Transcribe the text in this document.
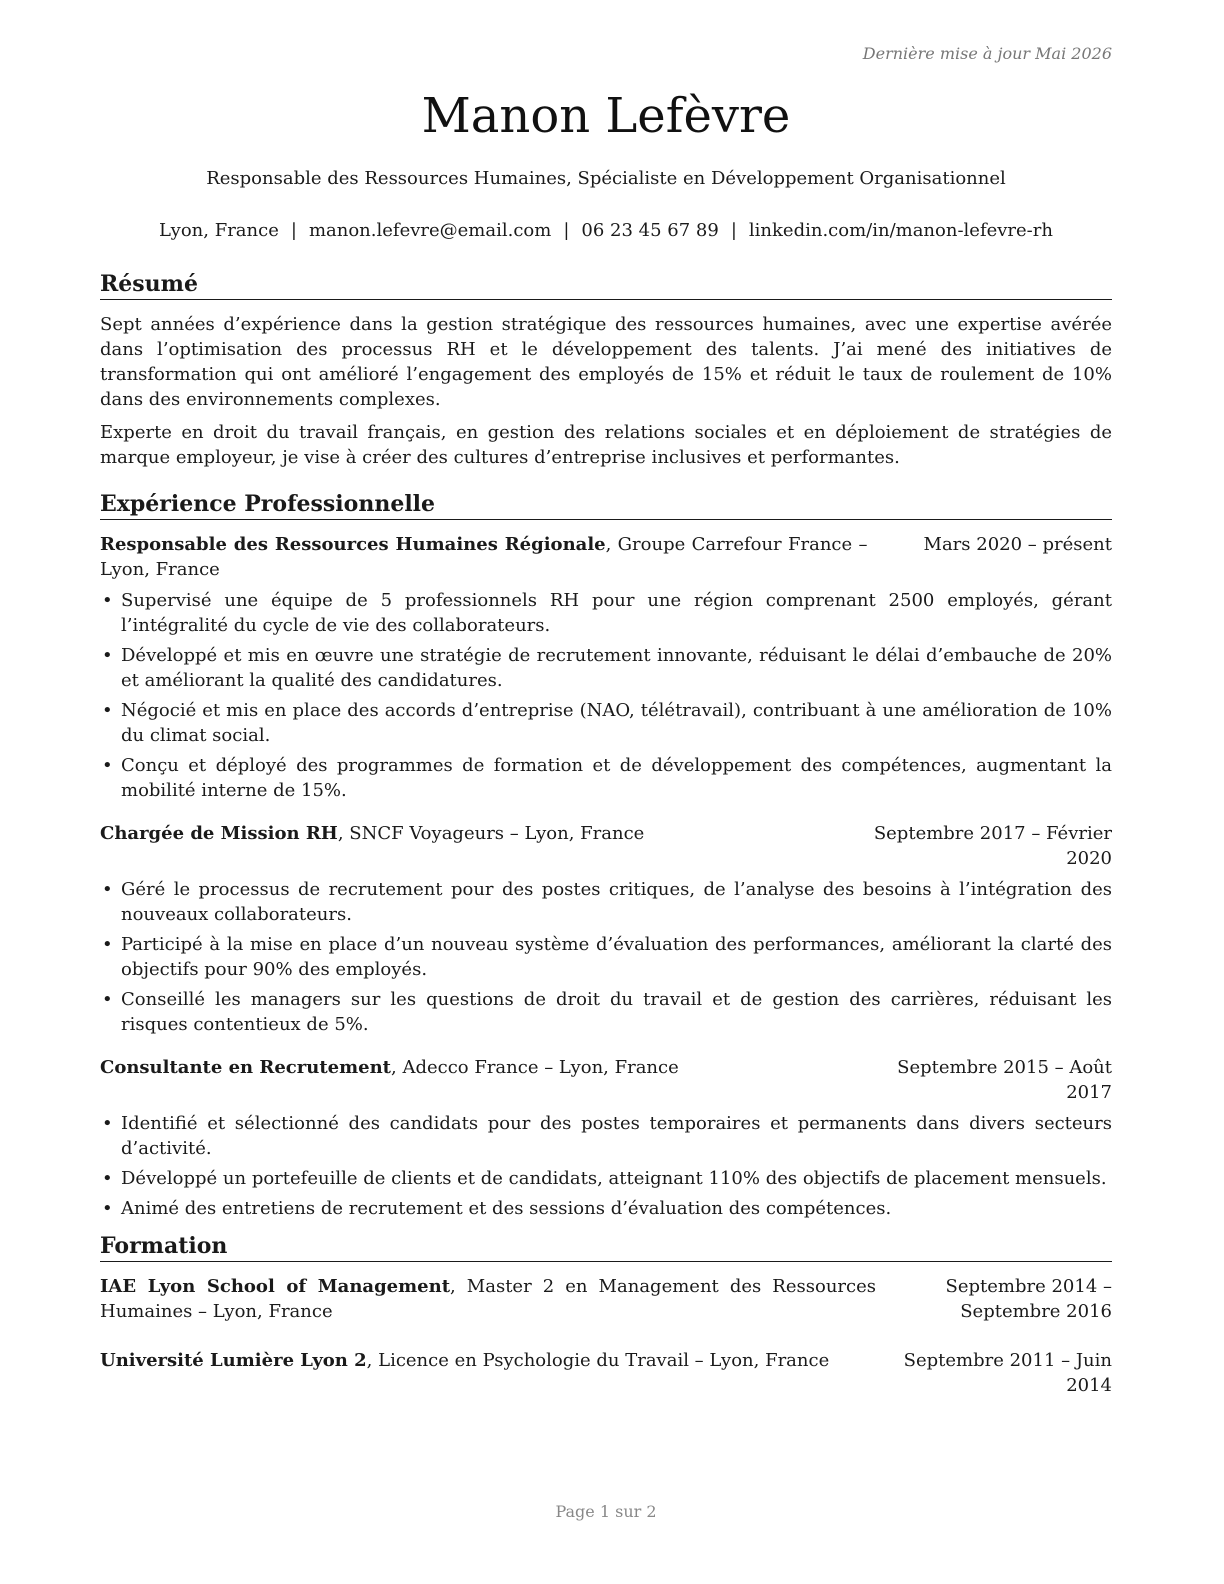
Dernière mise à jour Mai 2026
Manon Lefèvre
Responsable des Ressources Humaines, Spécialiste en Développement Organisationnel
Lyon, France | manon.lefevre@email.com | 06 23 45 67 89 | linkedin.com/in/manon-lefevre-rh
Résumé

Sept années d’expérience dans la gestion stratégique des ressources humaines, avec une expertise avérée dans l’optimisation des processus RH et le développement des talents. J’ai mené des initiatives de transformation qui ont amélioré l’engagement des employés de 15% et réduit le taux de roulement de 10% dans des environnements complexes.

Experte en droit du travail français, en gestion des relations sociales et en déploiement de stratégies de marque employeur, je vise à créer des cultures d’entreprise inclusives et performantes.

Expérience Professionnelle
Responsable des Ressources Humaines Régionale, Groupe Carrefour France – Lyon, France
Mars 2020 – présent
• Supervisé une équipe de 5 professionnels RH pour une région comprenant 2500 employés, gérant l’intégralité du cycle de vie des collaborateurs.
• Développé et mis en œuvre une stratégie de recrutement innovante, réduisant le délai d’embauche de 20% et améliorant la qualité des candidatures.
• Négocié et mis en place des accords d’entreprise (NAO, télétravail), contribuant à une amélioration de 10% du climat social.
• Conçu et déployé des programmes de formation et de développement des compétences, augmentant la mobilité interne de 15%.
Chargée de Mission RH, SNCF Voyageurs – Lyon, France	Septembre 2017 – Février 2020
• Géré le processus de recrutement pour des postes critiques, de l’analyse des besoins à l’intégration des nouveaux collaborateurs.
• Participé à la mise en place d’un nouveau système d’évaluation des performances, améliorant la clarté des objectifs pour 90% des employés.
• Conseillé les managers sur les questions de droit du travail et de gestion des carrières, réduisant les risques contentieux de 5%.
Consultante en Recrutement, Adecco France – Lyon, France	Septembre 2015 – Août 2017
• Identifié et sélectionné des candidats pour des postes temporaires et permanents dans divers secteurs d’activité.
• Développé un portefeuille de clients et de candidats, atteignant 110% des objectifs de placement mensuels.
• Animé des entretiens de recrutement et des sessions d’évaluation des compétences.
Formation
IAE Lyon School of Management, Master 2 en Management des Ressources Humaines – Lyon, France
Septembre 2014 – Septembre 2016
Université Lumière Lyon 2, Licence en Psychologie du Travail – Lyon, France	Septembre 2011 – Juin 2014
Page 1 sur 2
